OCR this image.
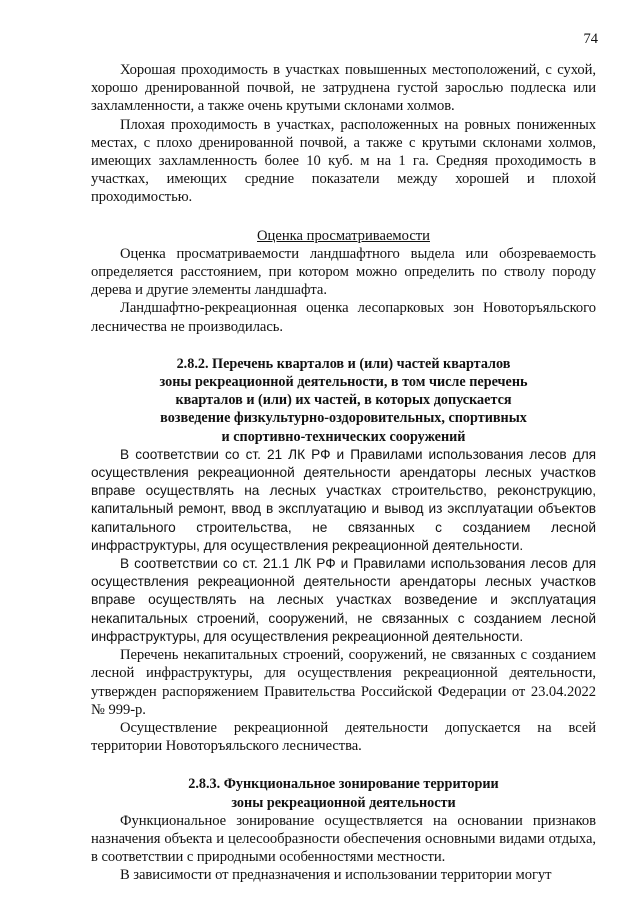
74

Хорошая проходимость в участках повышенных местоположений, с сухой, хорошо дренированной почвой, не затруднена густой зарослью подлеска или захламленности, а также очень крутыми склонами холмов.

Плохая проходимость в участках, расположенных на ровных пониженных местах, с плохо дренированной почвой, а также с крутыми склонами холмов, имеющих захламленность более 10 куб. м на 1 га. Средняя проходимость в участках, имеющих средние показатели между хорошей и плохой проходимостью.

Оценка просматриваемости

Оценка просматриваемости ландшафтного выдела или обозреваемость определяется расстоянием, при котором можно определить по стволу породу дерева и другие элементы ландшафта.

Ландшафтно-рекреационная оценка лесопарковых зон Новоторъяльского лесничества не производилась.

2.8.2. Перечень кварталов и (или) частей кварталов
зоны рекреационной деятельности, в том числе перечень
кварталов и (или) их частей, в которых допускается
возведение физкультурно-оздоровительных, спортивных
и спортивно-технических сооружений

В соответствии со ст. 21 ЛК РФ и Правилами использования лесов для осуществления рекреационной деятельности арендаторы лесных участков вправе осуществлять на лесных участках строительство, реконструкцию, капитальный ремонт, ввод в эксплуатацию и вывод из эксплуатации объектов капитального строительства, не связанных с созданием лесной инфраструктуры, для осуществления рекреационной деятельности.

В соответствии со ст. 21.1 ЛК РФ и Правилами использования лесов для осуществления рекреационной деятельности арендаторы лесных участков вправе осуществлять на лесных участках возведение и эксплуатация некапитальных строений, сооружений, не связанных с созданием лесной инфраструктуры, для осуществления рекреационной деятельности.

Перечень некапитальных строений, сооружений, не связанных с созданием лесной инфраструктуры, для осуществления рекреационной деятельности, утвержден распоряжением Правительства Российской Федерации от 23.04.2022 № 999-р.

Осуществление рекреационной деятельности допускается на всей территории Новоторъяльского лесничества.

2.8.3. Функциональное зонирование территории
зоны рекреационной деятельности

Функциональное зонирование осуществляется на основании признаков назначения объекта и целесообразности обеспечения основными видами отдыха, в соответствии с природными особенностями местности.

В зависимости от предназначения и использовании территории могут
